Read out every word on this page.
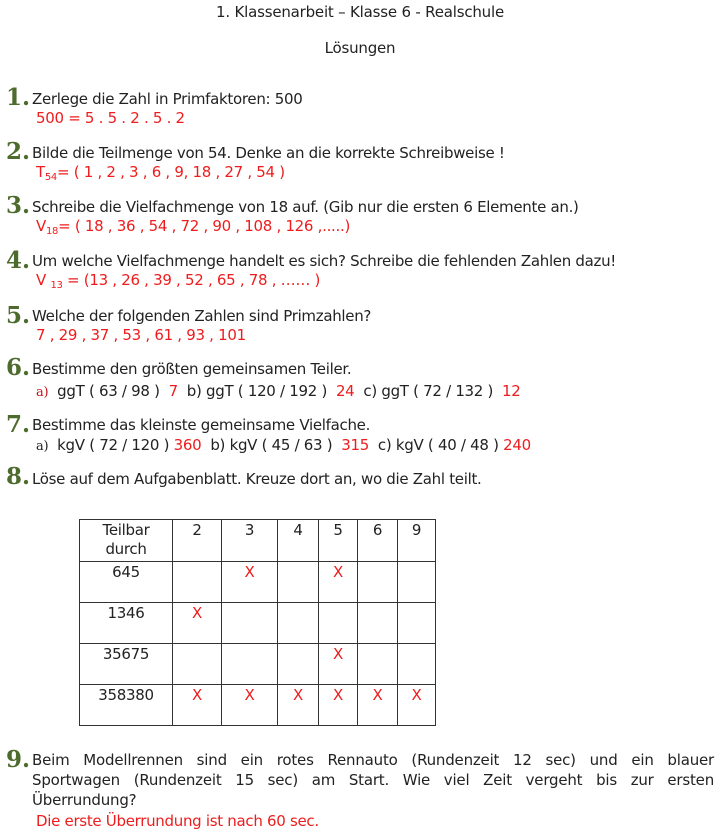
1. Klassenarbeit – Klasse 6 - Realschule
Lösungen
1. Zerlege die Zahl in Primfaktoren: 500
500 = 5 . 5 . 2 . 5 . 2
2. Bilde die Teilmenge von 54. Denke an die korrekte Schreibweise !
$T_{54}=$ ( 1 , 2 , 3 , 6 , 9, 18 , 27 , 54 )
3. Schreibe die Vielfachmenge von 18 auf. (Gib nur die ersten 6 Elemente an.)
$V_{18}=$ ( 18 , 36 , 54 , 72 , 90 , 108 , 126 ,.....)
4. Um welche Vielfachmenge handelt es sich? Schreibe die fehlenden Zahlen dazu!
V $_{13}$ = (13 , 26 , 39 , 52 , 65 , 78 , …… )
5. Welche der folgenden Zahlen sind Primzahlen?
7 , 29 , 37 , 53 , 61 , 93 , 101
6. Bestimme den größten gemeinsamen Teiler.
a) ggT ( 63 / 98 ) 7 b) ggT ( 120 / 192 ) 24 c) ggT ( 72 / 132 ) 12
7. Bestimme das kleinste gemeinsame Vielfache.
a) kgV ( 72 / 120 ) 360 b) kgV ( 45 / 63 ) 315 c) kgV ( 40 / 48 ) 240
8. Löse auf dem Aufgabenblatt. Kreuze dort an, wo die Zahl teilt.
Teilbar
durch	2	3	4	5	6	9
645		X		X		
1346	X					
35675				X		
358380	X	X	X	X	X	X
9. Beim Modellrennen sind ein rotes Rennauto (Rundenzeit 12 sec) und ein blauer Sportwagen (Rundenzeit 15 sec) am Start. Wie viel Zeit vergeht bis zur ersten Überrundung?
Die erste Überrundung ist nach 60 sec.
